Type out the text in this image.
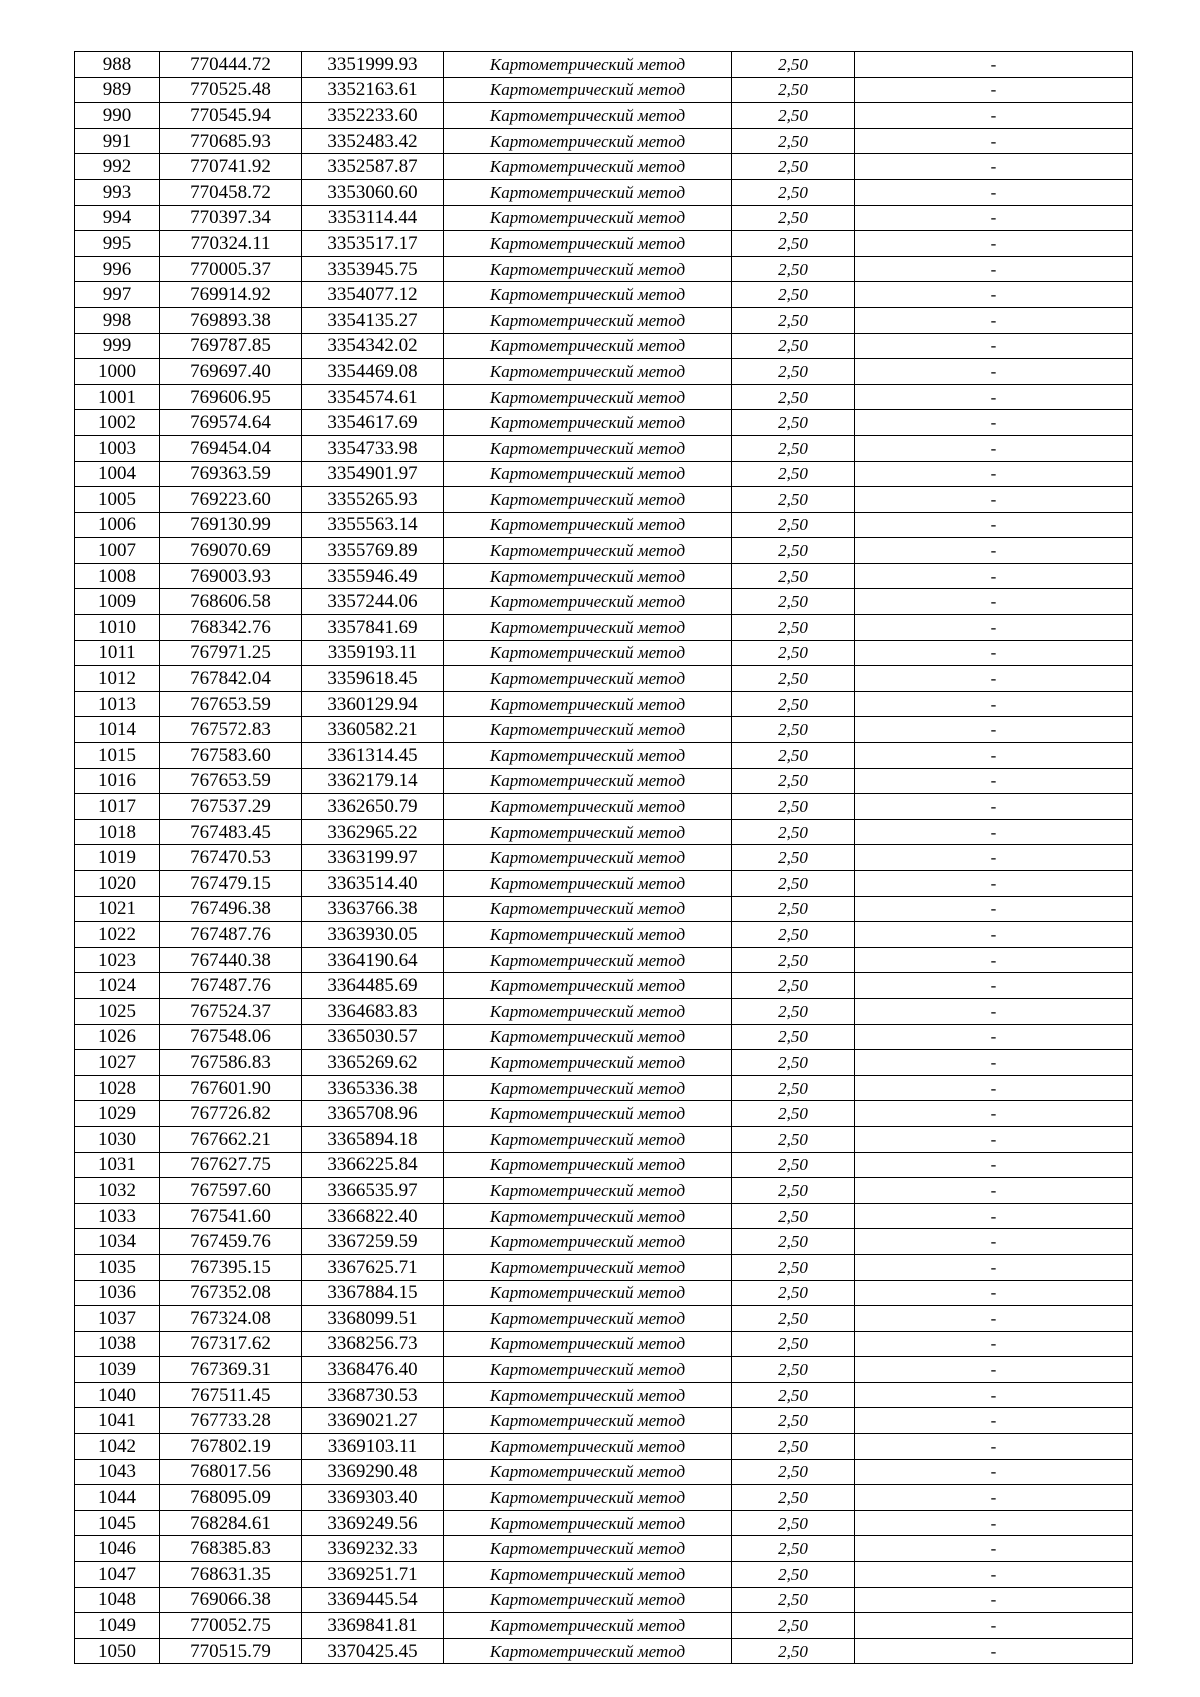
988	770444.72	3351999.93	Картометрический метод	2,50	-
989	770525.48	3352163.61	Картометрический метод	2,50	-
990	770545.94	3352233.60	Картометрический метод	2,50	-
991	770685.93	3352483.42	Картометрический метод	2,50	-
992	770741.92	3352587.87	Картометрический метод	2,50	-
993	770458.72	3353060.60	Картометрический метод	2,50	-
994	770397.34	3353114.44	Картометрический метод	2,50	-
995	770324.11	3353517.17	Картометрический метод	2,50	-
996	770005.37	3353945.75	Картометрический метод	2,50	-
997	769914.92	3354077.12	Картометрический метод	2,50	-
998	769893.38	3354135.27	Картометрический метод	2,50	-
999	769787.85	3354342.02	Картометрический метод	2,50	-
1000	769697.40	3354469.08	Картометрический метод	2,50	-
1001	769606.95	3354574.61	Картометрический метод	2,50	-
1002	769574.64	3354617.69	Картометрический метод	2,50	-
1003	769454.04	3354733.98	Картометрический метод	2,50	-
1004	769363.59	3354901.97	Картометрический метод	2,50	-
1005	769223.60	3355265.93	Картометрический метод	2,50	-
1006	769130.99	3355563.14	Картометрический метод	2,50	-
1007	769070.69	3355769.89	Картометрический метод	2,50	-
1008	769003.93	3355946.49	Картометрический метод	2,50	-
1009	768606.58	3357244.06	Картометрический метод	2,50	-
1010	768342.76	3357841.69	Картометрический метод	2,50	-
1011	767971.25	3359193.11	Картометрический метод	2,50	-
1012	767842.04	3359618.45	Картометрический метод	2,50	-
1013	767653.59	3360129.94	Картометрический метод	2,50	-
1014	767572.83	3360582.21	Картометрический метод	2,50	-
1015	767583.60	3361314.45	Картометрический метод	2,50	-
1016	767653.59	3362179.14	Картометрический метод	2,50	-
1017	767537.29	3362650.79	Картометрический метод	2,50	-
1018	767483.45	3362965.22	Картометрический метод	2,50	-
1019	767470.53	3363199.97	Картометрический метод	2,50	-
1020	767479.15	3363514.40	Картометрический метод	2,50	-
1021	767496.38	3363766.38	Картометрический метод	2,50	-
1022	767487.76	3363930.05	Картометрический метод	2,50	-
1023	767440.38	3364190.64	Картометрический метод	2,50	-
1024	767487.76	3364485.69	Картометрический метод	2,50	-
1025	767524.37	3364683.83	Картометрический метод	2,50	-
1026	767548.06	3365030.57	Картометрический метод	2,50	-
1027	767586.83	3365269.62	Картометрический метод	2,50	-
1028	767601.90	3365336.38	Картометрический метод	2,50	-
1029	767726.82	3365708.96	Картометрический метод	2,50	-
1030	767662.21	3365894.18	Картометрический метод	2,50	-
1031	767627.75	3366225.84	Картометрический метод	2,50	-
1032	767597.60	3366535.97	Картометрический метод	2,50	-
1033	767541.60	3366822.40	Картометрический метод	2,50	-
1034	767459.76	3367259.59	Картометрический метод	2,50	-
1035	767395.15	3367625.71	Картометрический метод	2,50	-
1036	767352.08	3367884.15	Картометрический метод	2,50	-
1037	767324.08	3368099.51	Картометрический метод	2,50	-
1038	767317.62	3368256.73	Картометрический метод	2,50	-
1039	767369.31	3368476.40	Картометрический метод	2,50	-
1040	767511.45	3368730.53	Картометрический метод	2,50	-
1041	767733.28	3369021.27	Картометрический метод	2,50	-
1042	767802.19	3369103.11	Картометрический метод	2,50	-
1043	768017.56	3369290.48	Картометрический метод	2,50	-
1044	768095.09	3369303.40	Картометрический метод	2,50	-
1045	768284.61	3369249.56	Картометрический метод	2,50	-
1046	768385.83	3369232.33	Картометрический метод	2,50	-
1047	768631.35	3369251.71	Картометрический метод	2,50	-
1048	769066.38	3369445.54	Картометрический метод	2,50	-
1049	770052.75	3369841.81	Картометрический метод	2,50	-
1050	770515.79	3370425.45	Картометрический метод	2,50	-
